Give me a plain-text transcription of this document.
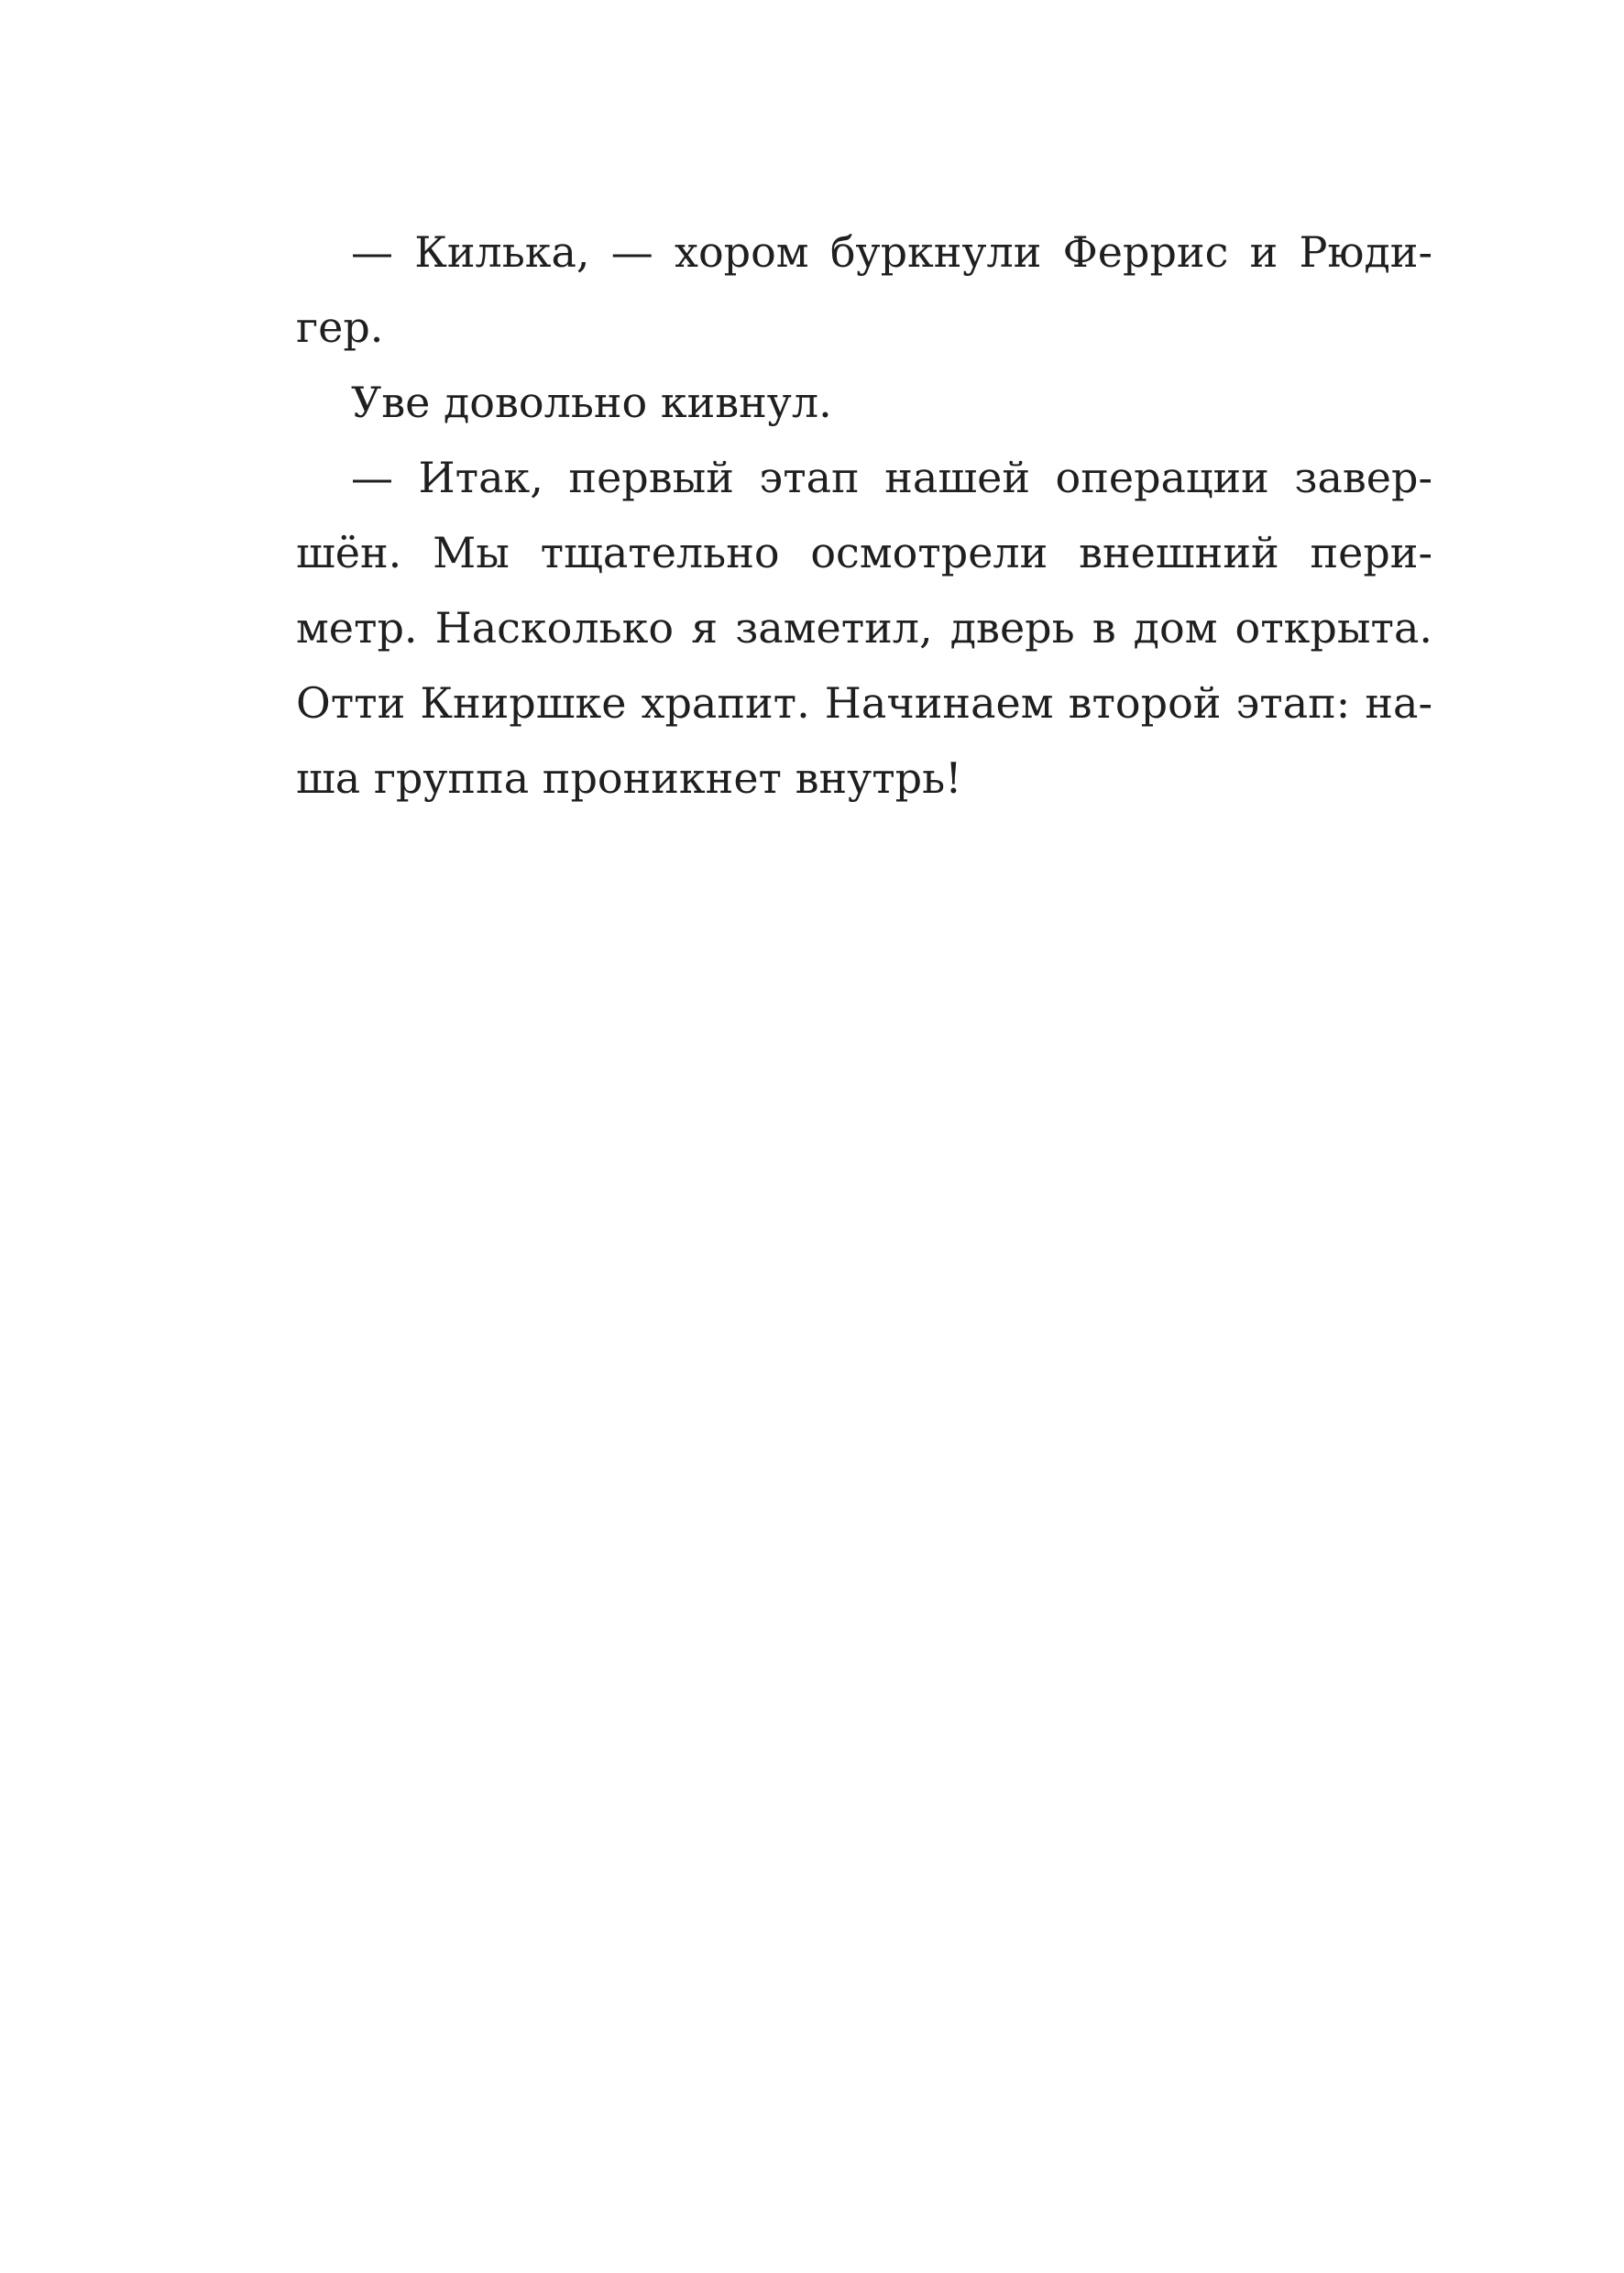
— Килька, — хором буркнули Феррис и Рюди-
гер.
Уве довольно кивнул.
— Итак, первый этап нашей операции завер-
шён. Мы тщательно осмотрели внешний пери-
метр. Насколько я заметил, дверь в дом открыта.
Отти Книршке храпит. Начинаем второй этап: на-
ша группа проникнет внутрь!
